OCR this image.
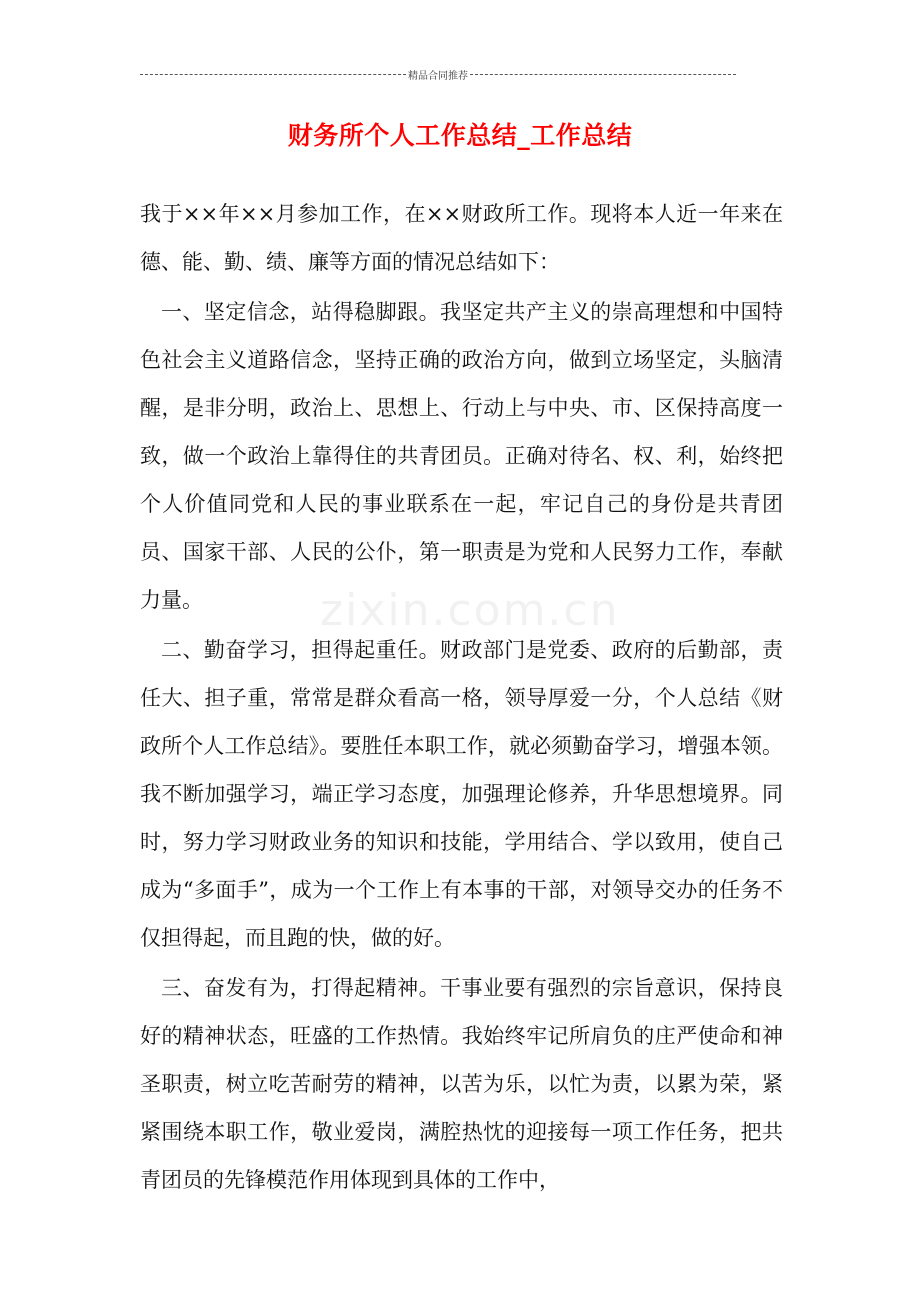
精品合同推荐
财务所个人工作总结_工作总结
zixin.com.cn

我于××年××月参加工作，在××财政所工作。现将本人近一年来在德、能、勤、绩、廉等方面的情况总结如下：

一、坚定信念，站得稳脚跟。我坚定共产主义的崇高理想和中国特色社会主义道路信念，坚持正确的政治方向，做到立场坚定，头脑清醒，是非分明，政治上、思想上、行动上与中央、市、区保持高度一致，做一个政治上靠得住的共青团员。正确对待名、权、利，始终把个人价值同党和人民的事业联系在一起，牢记自己的身份是共青团员、国家干部、人民的公仆，第一职责是为党和人民努力工作，奉献力量。

二、勤奋学习，担得起重任。财政部门是党委、政府的后勤部，责任大、担子重，常常是群众看高一格，领导厚爱一分，个人总结《财政所个人工作总结》。要胜任本职工作，就必须勤奋学习，增强本领。我不断加强学习，端正学习态度，加强理论修养，升华思想境界。同时，努力学习财政业务的知识和技能，学用结合、学以致用，使自己成为“多面手”，成为一个工作上有本事的干部，对领导交办的任务不仅担得起，而且跑的快，做的好。

三、奋发有为，打得起精神。干事业要有强烈的宗旨意识，保持良好的精神状态，旺盛的工作热情。我始终牢记所肩负的庄严使命和神圣职责，树立吃苦耐劳的精神，以苦为乐，以忙为责，以累为荣，紧紧围绕本职工作，敬业爱岗，满腔热忱的迎接每一项工作任务，把共青团员的先锋模范作用体现到具体的工作中，
